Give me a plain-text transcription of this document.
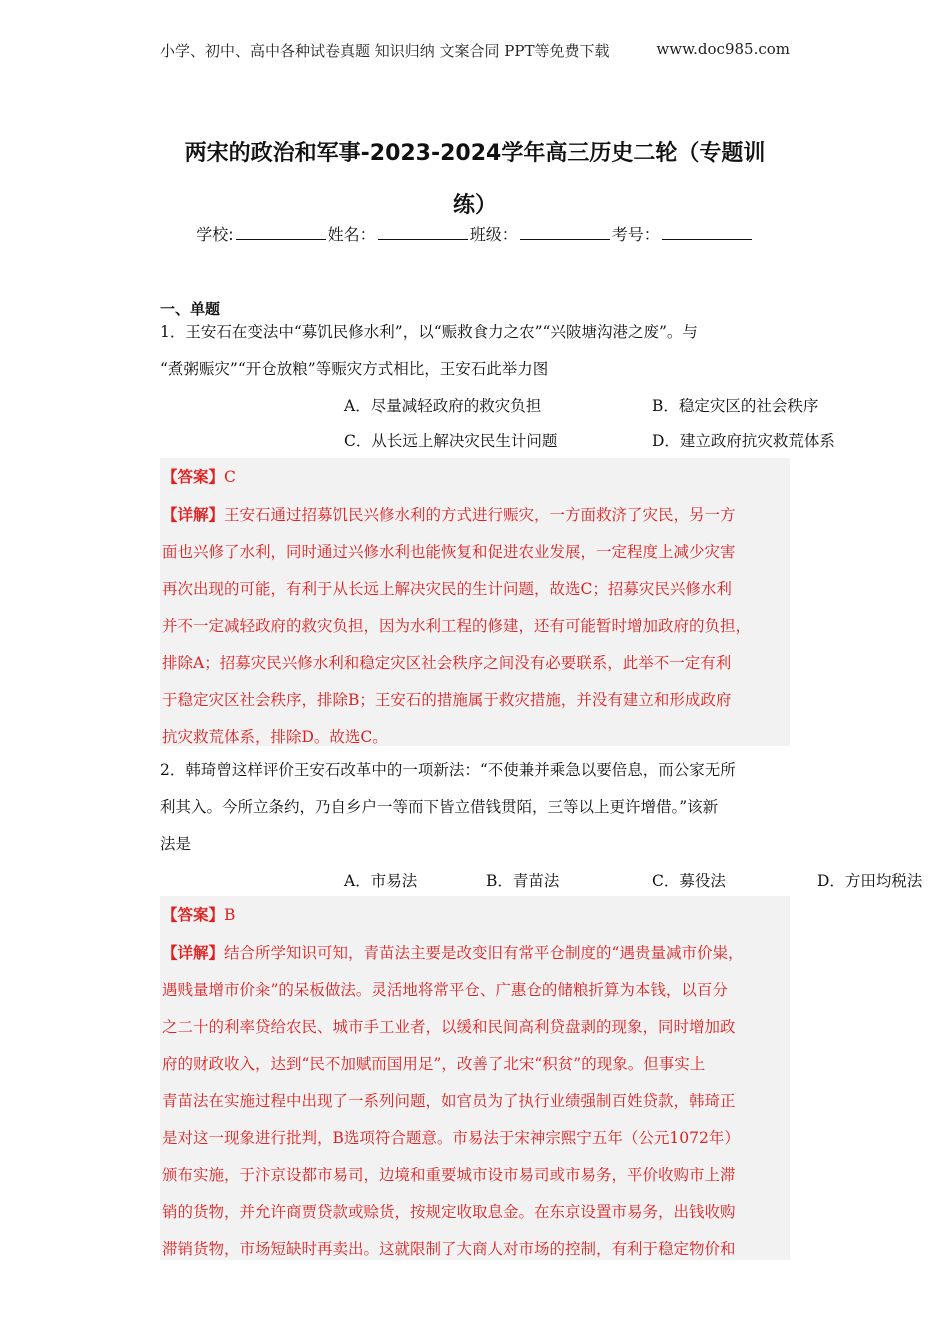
小学、初中、高中各种试卷真题 知识归纳 文案合同 PPT等免费下载	www.doc985.com
两宋的政治和军事-2023-2024学年高三历史二轮（专题训
练）
学校:	姓名：	班级：	考号：
一、单题
1．王安石在变法中“募饥民修水利”，以“赈救食力之农”“兴陂塘沟港之废”。与
“煮粥赈灾”“开仓放粮”等赈灾方式相比，王安石此举力图
A．尽量减轻政府的救灾负担	B．稳定灾区的社会秩序
C．从长远上解决灾民生计问题	D．建立政府抗灾救荒体系

【答案】C

【详解】王安石通过招募饥民兴修水利的方式进行赈灾，一方面救济了灾民，另一方

面也兴修了水利，同时通过兴修水利也能恢复和促进农业发展，一定程度上减少灾害

再次出现的可能，有利于从长远上解决灾民的生计问题，故选C；招募灾民兴修水利

并不一定减轻政府的救灾负担，因为水利工程的修建，还有可能暂时增加政府的负担，

排除A；招募灾民兴修水利和稳定灾区社会秩序之间没有必要联系，此举不一定有利

于稳定灾区社会秩序，排除B；王安石的措施属于救灾措施，并没有建立和形成政府

抗灾救荒体系，排除D。故选C。

2．韩琦曾这样评价王安石改革中的一项新法：“不使兼并乘急以要倍息，而公家无所
利其入。今所立条约，乃自乡户一等而下皆立借钱贯陌，三等以上更许增借。”该新
法是
A．市易法	B．青苗法	C．募役法	D．方田均税法

【答案】B

【详解】结合所学知识可知，青苗法主要是改变旧有常平仓制度的“遇贵量减市价粜，

遇贱量增市价籴”的呆板做法。灵活地将常平仓、广惠仓的储粮折算为本钱，以百分

之二十的利率贷给农民、城市手工业者，以缓和民间高利贷盘剥的现象，同时增加政

府的财政收入，达到“民不加赋而国用足”，改善了北宋“积贫”的现象。但事实上

青苗法在实施过程中出现了一系列问题，如官员为了执行业绩强制百姓贷款，韩琦正

是对这一现象进行批判，B选项符合题意。市易法于宋神宗熙宁五年（公元1072年）

颁布实施，于汴京设都市易司，边境和重要城市设市易司或市易务，平价收购市上滞

销的货物，并允许商贾贷款或赊货，按规定收取息金。在东京设置市易务，出钱收购

滞销货物，市场短缺时再卖出。这就限制了大商人对市场的控制，有利于稳定物价和
